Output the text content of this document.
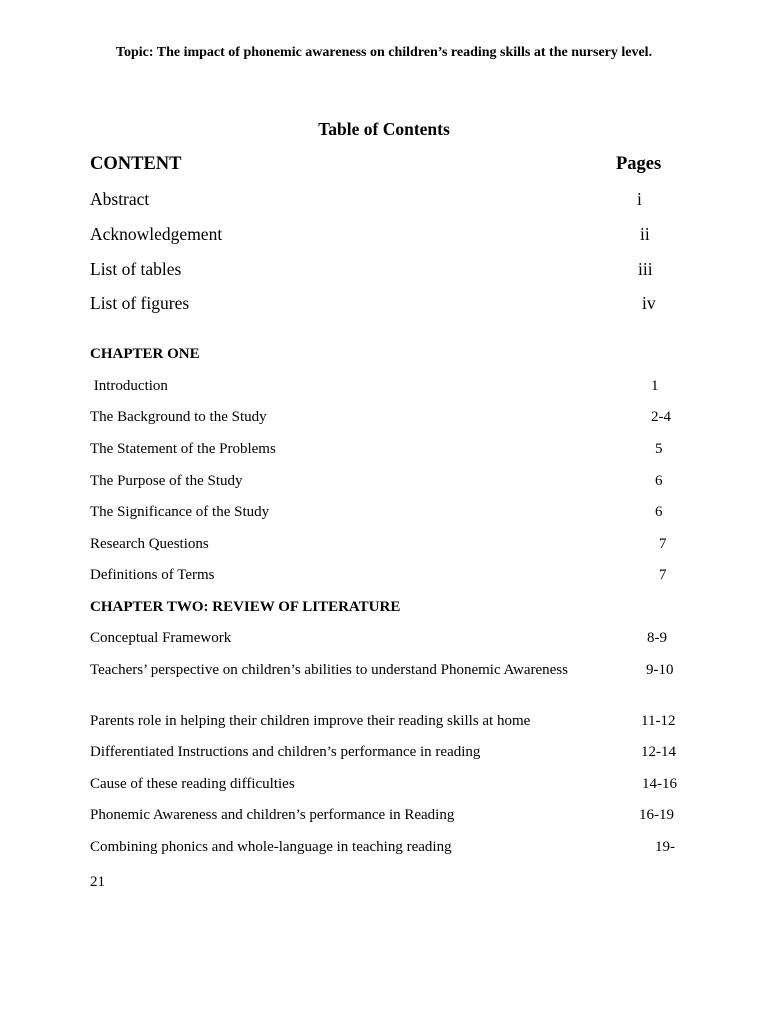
Topic: The impact of phonemic awareness on children’s reading skills at the nursery level.
Table of Contents
CONTENT	Pages
Abstract	i
Acknowledgement	ii
List of tables	iii
List of figures	iv
CHAPTER ONE
Introduction	1
The Background to the Study	2-4
The Statement of the Problems	5
The Purpose of the Study	6
The Significance of the Study	6
Research Questions	7
Definitions of Terms	7
CHAPTER TWO: REVIEW OF LITERATURE
Conceptual Framework	8-9
Teachers’ perspective on children’s abilities to understand Phonemic Awareness	9-10
Parents role in helping their children improve their reading skills at home	11-12
Differentiated Instructions and children’s performance in reading	12-14
Cause of these reading difficulties	14-16
Phonemic Awareness and children’s performance in Reading	16-19
Combining phonics and whole-language in teaching reading	19-
21
